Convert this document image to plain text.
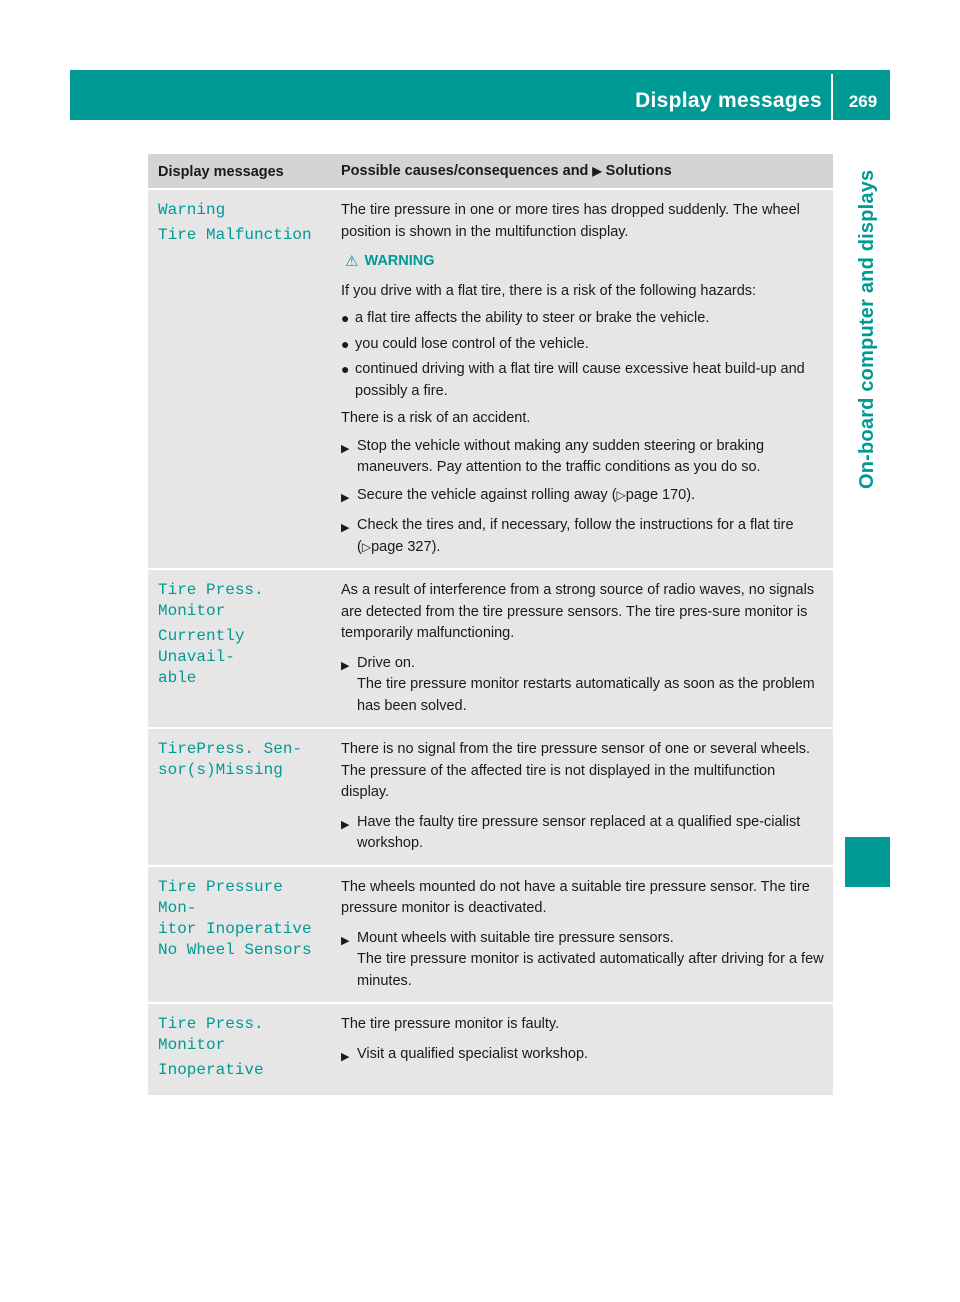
Display messages	269
On-board computer and displays
Display messages	Possible causes/consequences and ▶ Solutions
Warning
Tire Malfunction
The tire pressure in one or more tires has dropped suddenly. The wheel position is shown in the multifunction display.
⚠ WARNING
If you drive with a flat tire, there is a risk of the following hazards:
● a flat tire affects the ability to steer or brake the vehicle.
● you could lose control of the vehicle.
● continued driving with a flat tire will cause excessive heat build-up and possibly a fire.
There is a risk of an accident.
▶ Stop the vehicle without making any sudden steering or braking maneuvers. Pay attention to the traffic conditions as you do so.
▶ Secure the vehicle against rolling away (▷page 170).
▶ Check the tires and, if necessary, follow the instructions for a flat tire (▷page 327).
Tire Press. Monitor
Currently Unavail-
able
As a result of interference from a strong source of radio waves, no signals are detected from the tire pressure sensors. The tire pres-sure monitor is temporarily malfunctioning.
▶ Drive on.
The tire pressure monitor restarts automatically as soon as the problem has been solved.
TirePress. Sen-
sor(s)Missing
There is no signal from the tire pressure sensor of one or several wheels. The pressure of the affected tire is not displayed in the multifunction display.
▶ Have the faulty tire pressure sensor replaced at a qualified spe-cialist workshop.
Tire Pressure Mon-
itor Inoperative
No Wheel Sensors
The wheels mounted do not have a suitable tire pressure sensor. The tire pressure monitor is deactivated.
▶ Mount wheels with suitable tire pressure sensors.
The tire pressure monitor is activated automatically after driving for a few minutes.
Tire Press. Monitor
Inoperative
The tire pressure monitor is faulty.
▶ Visit a qualified specialist workshop.
